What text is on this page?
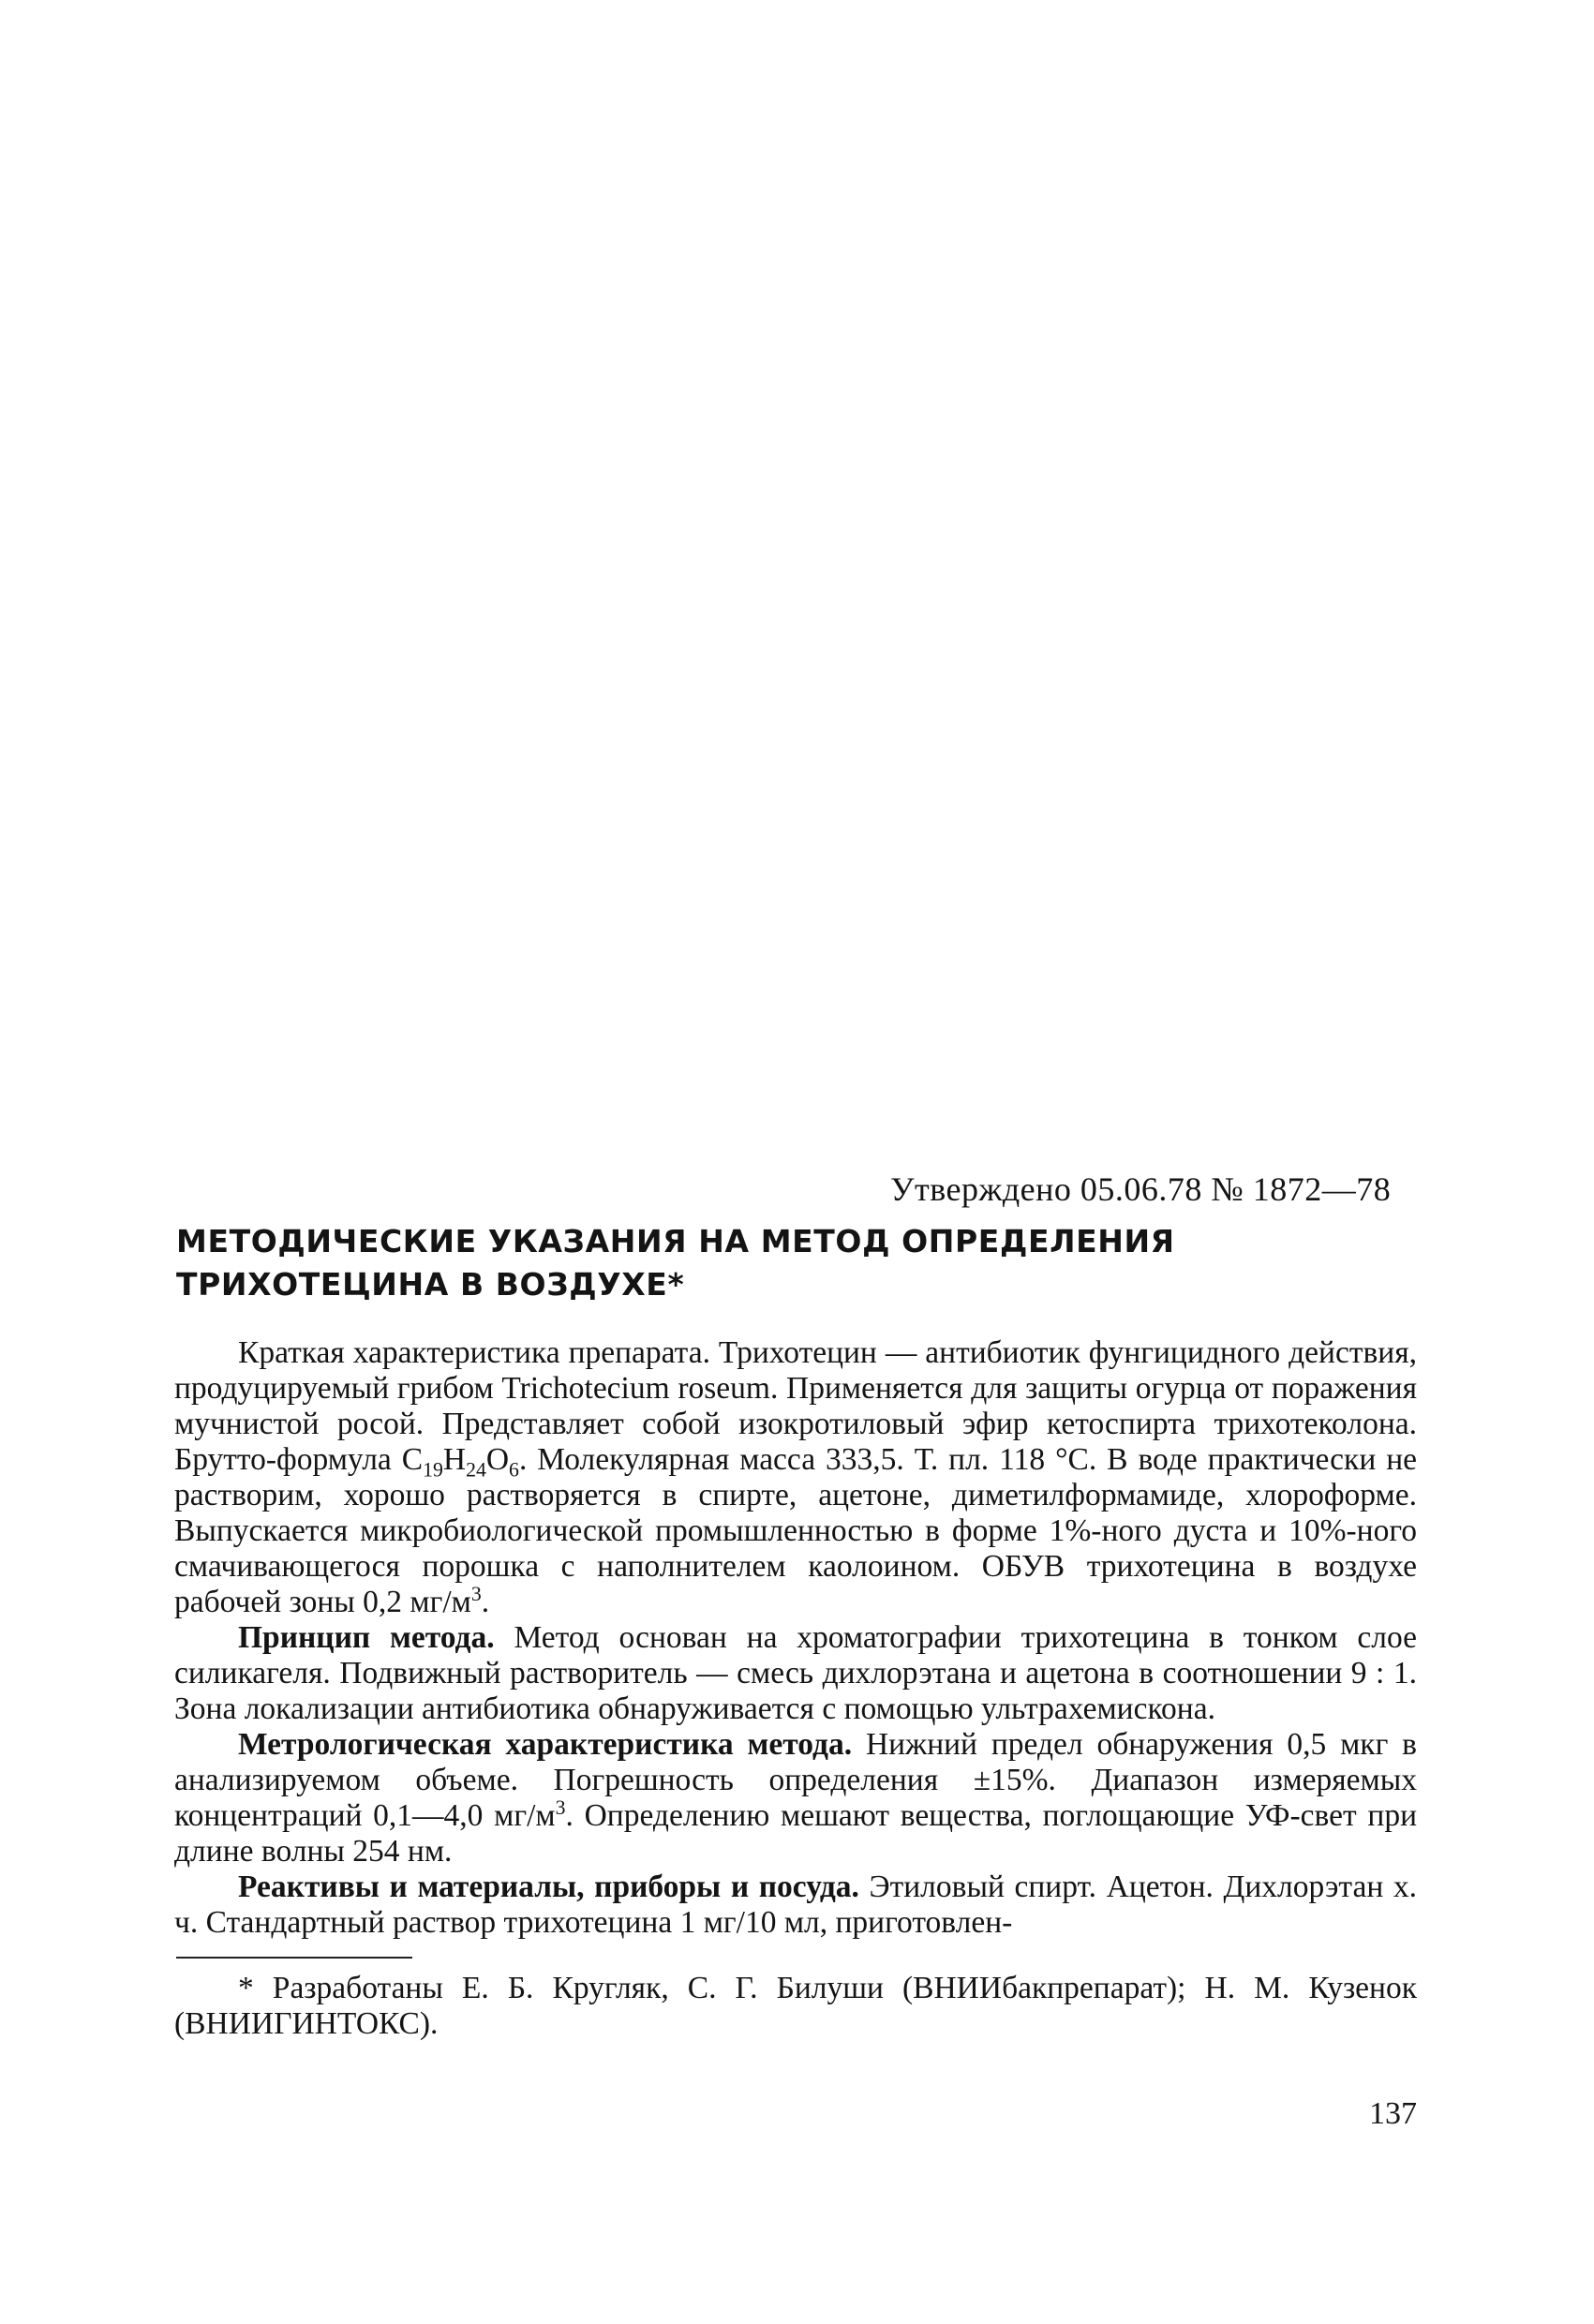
Утверждено 05.06.78 № 1872—78
МЕТОДИЧЕСКИЕ УКАЗАНИЯ НА МЕТОД ОПРЕДЕЛЕНИЯ
ТРИХОТЕЦИНА В ВОЗДУХЕ*

Краткая характеристика препарата. Трихотецин — антибиотик фунгицидного действия, продуцируемый грибом Trichotecium roseum. Применяется для защиты огурца от поражения мучнистой росой. Представляет собой изокротиловый эфир кетоспирта трихотеколона. Брутто-формула $C_{19}H_{24}O_6$. Молекулярная масса 333,5. Т. пл. 118 °С. В воде практически не растворим, хорошо растворяется в спирте, ацетоне, диметилформамиде, хлороформе. Выпускается микробиологической промышленностью в форме 1%-ного дуста и 10%-ного смачивающегося порошка с наполнителем каолоином. ОБУВ трихотецина в воздухе рабочей зоны 0,2 $мг/м^3$.

Принцип метода. Метод основан на хроматографии трихотецина в тонком слое силикагеля. Подвижный растворитель — смесь дихлорэтана и ацетона в соотношении 9 : 1. Зона локализации антибиотика обнаруживается с помощью ультрахемискона.

Метрологическая характеристика метода. Нижний предел обнаружения 0,5 мкг в анализируемом объеме. Погрешность определения ±15%. Диапазон измеряемых концентраций 0,1—4,0 $мг/м^3$. Определению мешают вещества, поглощающие УФ-свет при длине волны 254 нм.

Реактивы и материалы, приборы и посуда. Этиловый спирт. Ацетон. Дихлорэтан х. ч. Стандартный раствор трихотецина 1 мг/10 мл, приготовлен-

* Разработаны Е. Б. Кругляк, С. Г. Билуши (ВНИИбакпрепарат); Н. М. Кузенок (ВНИИГИНТОКС).

137
